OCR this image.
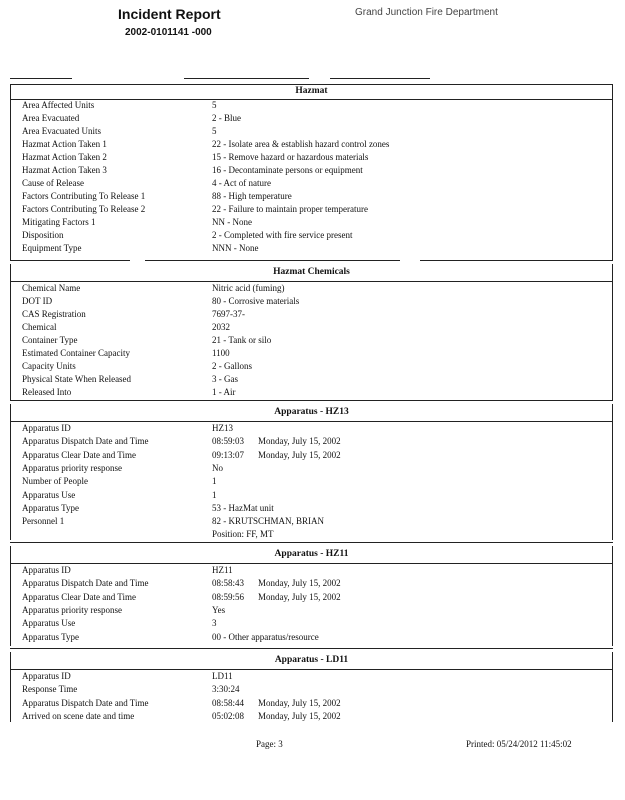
Incident Report	Grand Junction Fire Department
2002-0101141 -000
Hazmat
Area Affected Units	5
Area Evacuated	2 - Blue
Area Evacuated Units	5
Hazmat Action Taken 1	22 - Isolate area & establish hazard control zones
Hazmat Action Taken 2	15 - Remove hazard or hazardous materials
Hazmat Action Taken 3	16 - Decontaminate persons or equipment
Cause of Release	4 - Act of nature
Factors Contributing To Release 1	88 - High temperature
Factors Contributing To Release 2	22 - Failure to maintain proper temperature
Mitigating Factors 1	NN - None
Disposition	2 - Completed with fire service present
Equipment Type	NNN - None
Hazmat Chemicals
Chemical Name	Nitric acid (fuming)
DOT ID	80 - Corrosive materials
CAS Registration	7697-37-
Chemical	2032
Container Type	21 - Tank or silo
Estimated Container Capacity	1100
Capacity Units	2 - Gallons
Physical State When Released	3 - Gas
Released Into	1 - Air
Apparatus - HZ13
Apparatus ID	HZ13
Apparatus Dispatch Date and Time	08:59:03 Monday, July 15, 2002
Apparatus Clear Date and Time	09:13:07 Monday, July 15, 2002
Apparatus priority response	No
Number of People	1
Apparatus Use	1
Apparatus Type	53 - HazMat unit
Personnel 1	82 - KRUTSCHMAN, BRIAN
Position: FF, MT
Apparatus - HZ11
Apparatus ID	HZ11
Apparatus Dispatch Date and Time	08:58:43 Monday, July 15, 2002
Apparatus Clear Date and Time	08:59:56 Monday, July 15, 2002
Apparatus priority response	Yes
Apparatus Use	3
Apparatus Type	00 - Other apparatus/resource
Apparatus - LD11
Apparatus ID	LD11
Response Time	3:30:24
Apparatus Dispatch Date and Time	08:58:44 Monday, July 15, 2002
Arrived on scene date and time	05:02:08 Monday, July 15, 2002
Page: 3	Printed: 05/24/2012 11:45:02
